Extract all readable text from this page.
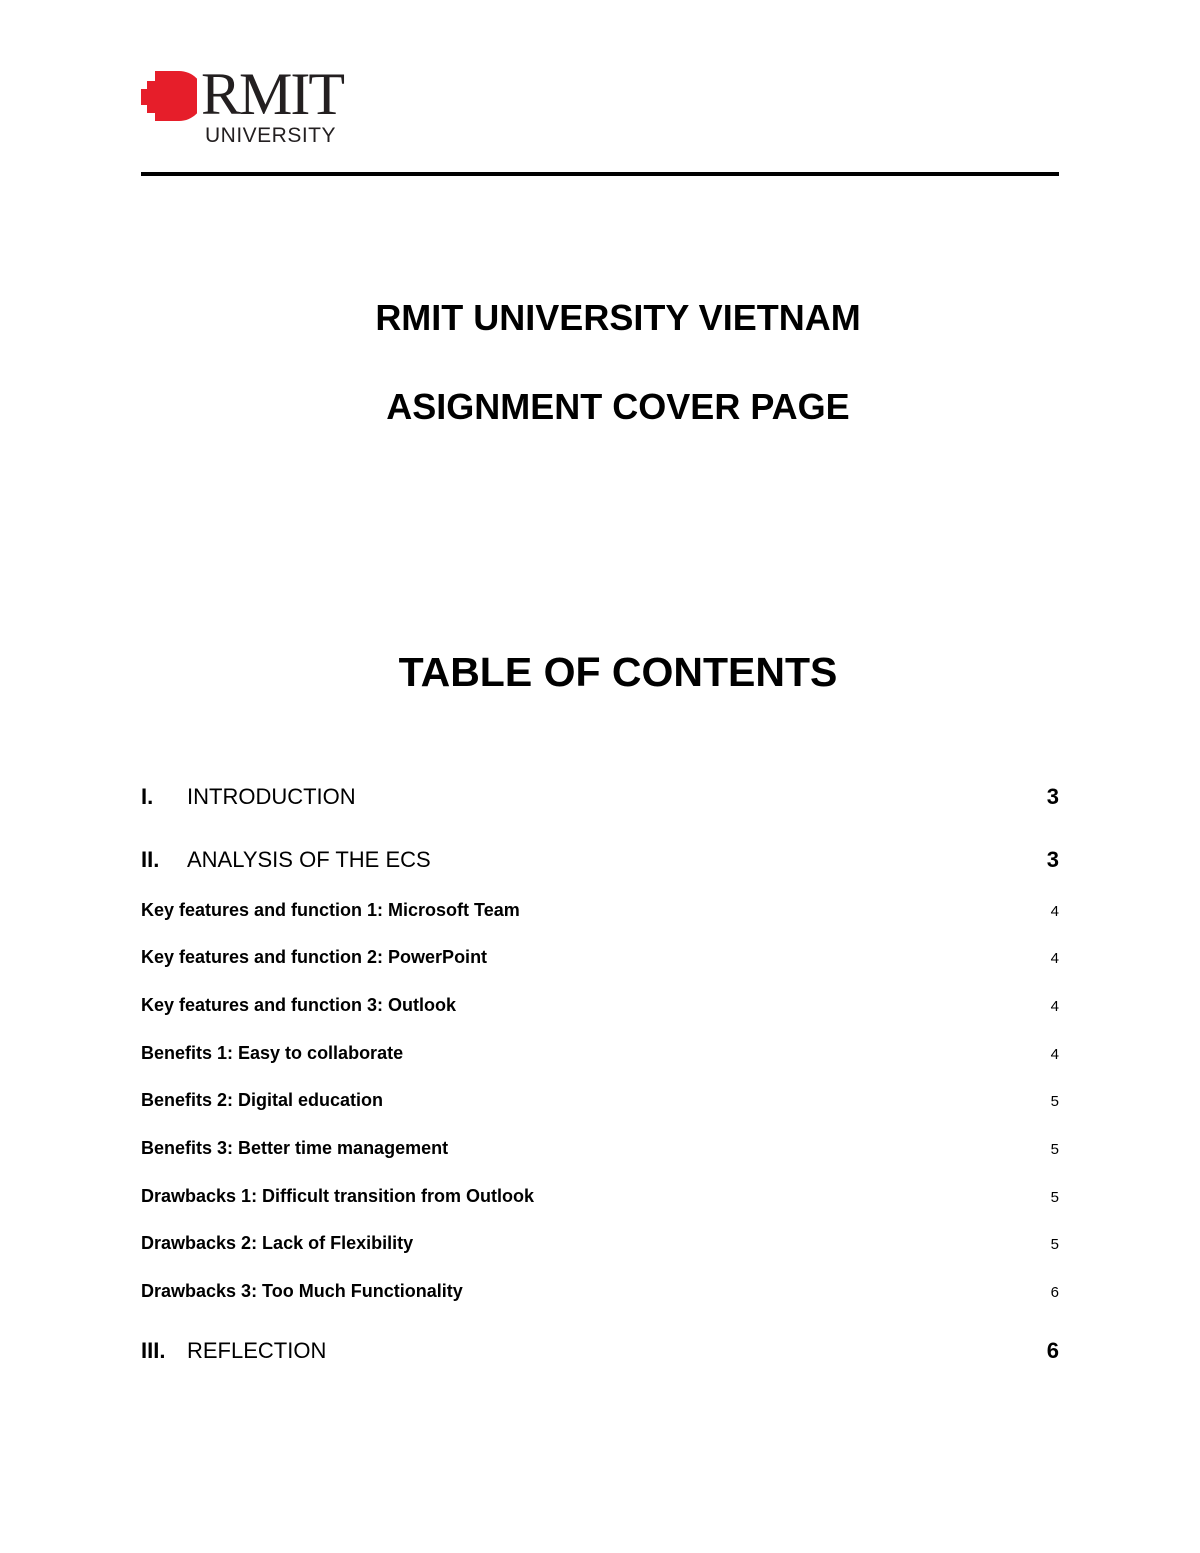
RMIT
UNIVERSITY
RMIT UNIVERSITY VIETNAM
ASIGNMENT COVER PAGE
TABLE OF CONTENTS
I. INTRODUCTION	3
II. ANALYSIS OF THE ECS	3
Key features and function 1: Microsoft Team	4
Key features and function 2: PowerPoint	4
Key features and function 3: Outlook	4
Benefits 1: Easy to collaborate	4
Benefits 2: Digital education	5
Benefits 3: Better time management	5
Drawbacks 1: Difficult transition from Outlook	5
Drawbacks 2: Lack of Flexibility	5
Drawbacks 3: Too Much Functionality	6
III. REFLECTION	6
